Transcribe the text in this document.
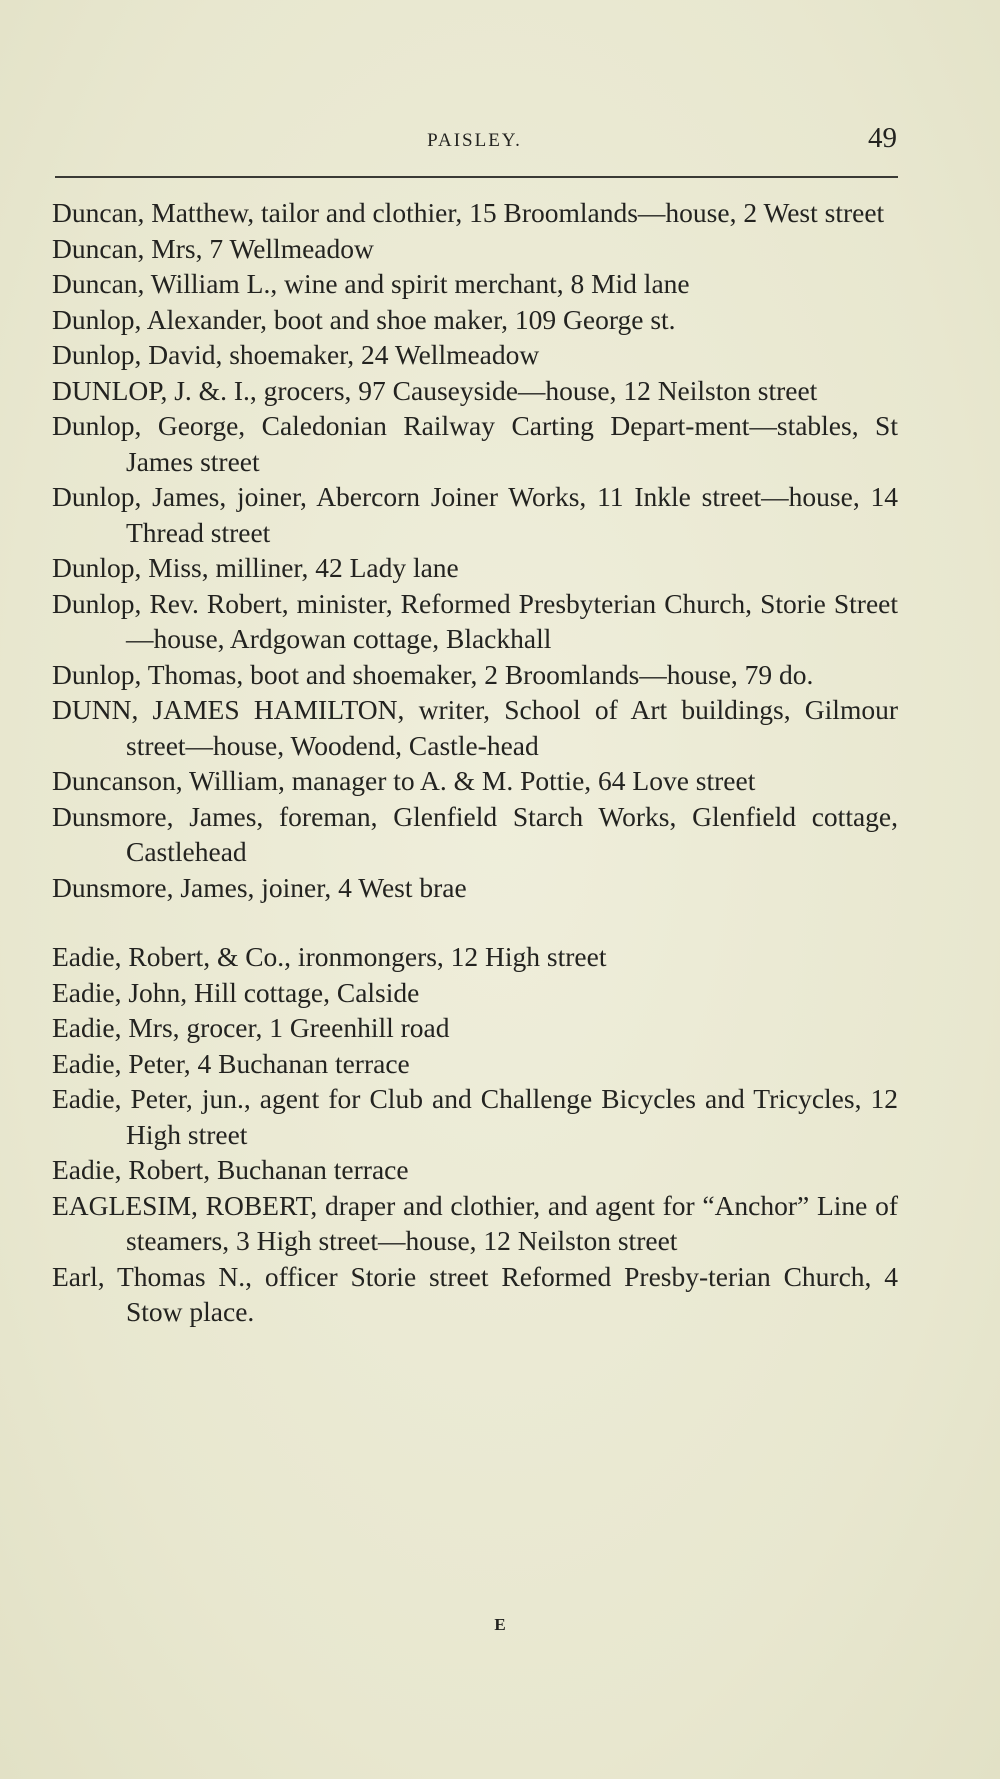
PAISLEY.	49

Duncan, Matthew, tailor and clothier, 15 Broomlands—house, 2 West street

Duncan, Mrs, 7 Wellmeadow

Duncan, William L., wine and spirit merchant, 8 Mid lane

Dunlop, Alexander, boot and shoe maker, 109 George st.

Dunlop, David, shoemaker, 24 Wellmeadow

DUNLOP, J. &. I., grocers, 97 Causeyside—house, 12 Neilston street

Dunlop, George, Caledonian Railway Carting Depart-ment—stables, St James street

Dunlop, James, joiner, Abercorn Joiner Works, 11 Inkle street—house, 14 Thread street

Dunlop, Miss, milliner, 42 Lady lane

Dunlop, Rev. Robert, minister, Reformed Presbyterian Church, Storie Street—house, Ardgowan cottage, Blackhall

Dunlop, Thomas, boot and shoemaker, 2 Broomlands—house, 79 do.

DUNN, JAMES HAMILTON, writer, School of Art buildings, Gilmour street—house, Woodend, Castle-head

Duncanson, William, manager to A. & M. Pottie, 64 Love street

Dunsmore, James, foreman, Glenfield Starch Works, Glenfield cottage, Castlehead

Dunsmore, James, joiner, 4 West brae

Eadie, Robert, & Co., ironmongers, 12 High street

Eadie, John, Hill cottage, Calside

Eadie, Mrs, grocer, 1 Greenhill road

Eadie, Peter, 4 Buchanan terrace

Eadie, Peter, jun., agent for Club and Challenge Bicycles and Tricycles, 12 High street

Eadie, Robert, Buchanan terrace

EAGLESIM, ROBERT, draper and clothier, and agent for “Anchor” Line of steamers, 3 High street—house, 12 Neilston street

Earl, Thomas N., officer Storie street Reformed Presby-terian Church, 4 Stow place.

E
